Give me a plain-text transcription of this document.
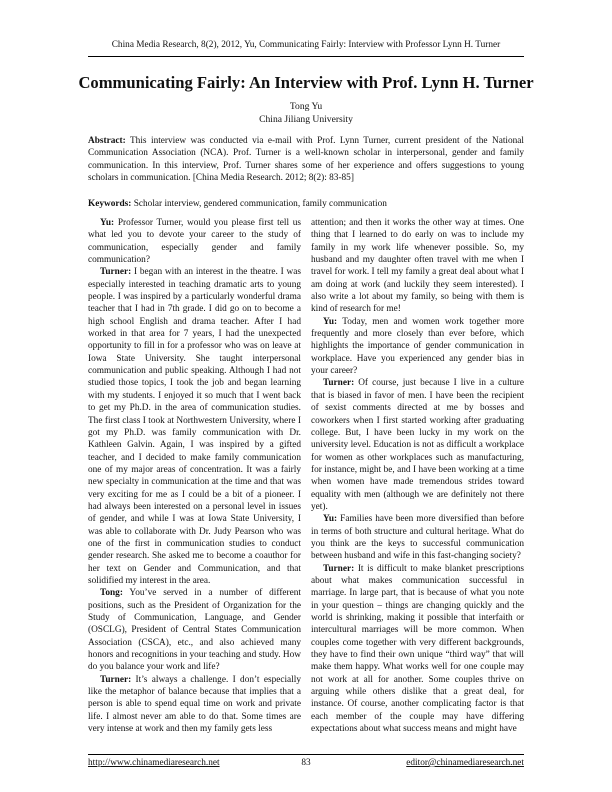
China Media Research, 8(2), 2012, Yu, Communicating Fairly: Interview with Professor Lynn H. Turner
Communicating Fairly: An Interview with Prof. Lynn H. Turner
Tong Yu
China Jiliang University

Abstract: This interview was conducted via e-mail with Prof. Lynn Turner, current president of the National Communication Association (NCA). Prof. Turner is a well-known scholar in interpersonal, gender and family communication. In this interview, Prof. Turner shares some of her experience and offers suggestions to young scholars in communication. [China Media Research. 2012; 8(2): 83-85]

Keywords: Scholar interview, gendered communication, family communication

Yu: Professor Turner, would you please first tell us what led you to devote your career to the study of communication, especially gender and family communication?

Turner: I began with an interest in the theatre. I was especially interested in teaching dramatic arts to young people. I was inspired by a particularly wonderful drama teacher that I had in 7th grade. I did go on to become a high school English and drama teacher. After I had worked in that area for 7 years, I had the unexpected opportunity to fill in for a professor who was on leave at Iowa State University. She taught interpersonal communication and public speaking. Although I had not studied those topics, I took the job and began learning with my students. I enjoyed it so much that I went back to get my Ph.D. in the area of communication studies. The first class I took at Northwestern University, where I got my Ph.D. was family communication with Dr. Kathleen Galvin. Again, I was inspired by a gifted teacher, and I decided to make family communication one of my major areas of concentration. It was a fairly new specialty in communication at the time and that was very exciting for me as I could be a bit of a pioneer. I had always been interested on a personal level in issues of gender, and while I was at Iowa State University, I was able to collaborate with Dr. Judy Pearson who was one of the first in communication studies to conduct gender research. She asked me to become a coauthor for her text on Gender and Communication, and that solidified my interest in the area.

Tong: You’ve served in a number of different positions, such as the President of Organization for the Study of Communication, Language, and Gender (OSCLG), President of Central States Communication Association (CSCA), etc., and also achieved many honors and recognitions in your teaching and study. How do you balance your work and life?

Turner: It’s always a challenge. I don’t especially like the metaphor of balance because that implies that a person is able to spend equal time on work and private life. I almost never am able to do that. Some times are very intense at work and then my family gets less

attention; and then it works the other way at times. One thing that I learned to do early on was to include my family in my work life whenever possible. So, my husband and my daughter often travel with me when I travel for work. I tell my family a great deal about what I am doing at work (and luckily they seem interested). I also write a lot about my family, so being with them is kind of research for me!

Yu: Today, men and women work together more frequently and more closely than ever before, which highlights the importance of gender communication in workplace. Have you experienced any gender bias in your career?

Turner: Of course, just because I live in a culture that is biased in favor of men. I have been the recipient of sexist comments directed at me by bosses and coworkers when I first started working after graduating college. But, I have been lucky in my work on the university level. Education is not as difficult a workplace for women as other workplaces such as manufacturing, for instance, might be, and I have been working at a time when women have made tremendous strides toward equality with men (although we are definitely not there yet).

Yu: Families have been more diversified than before in terms of both structure and cultural heritage. What do you think are the keys to successful communication between husband and wife in this fast-changing society?

Turner: It is difficult to make blanket prescriptions about what makes communication successful in marriage. In large part, that is because of what you note in your question – things are changing quickly and the world is shrinking, making it possible that interfaith or intercultural marriages will be more common. When couples come together with very different backgrounds, they have to find their own unique “third way” that will make them happy. What works well for one couple may not work at all for another. Some couples thrive on arguing while others dislike that a great deal, for instance. Of course, another complicating factor is that each member of the couple may have differing expectations about what success means and might have

http://www.chinamediaresearch.net	83	editor@chinamediaresearch.net
